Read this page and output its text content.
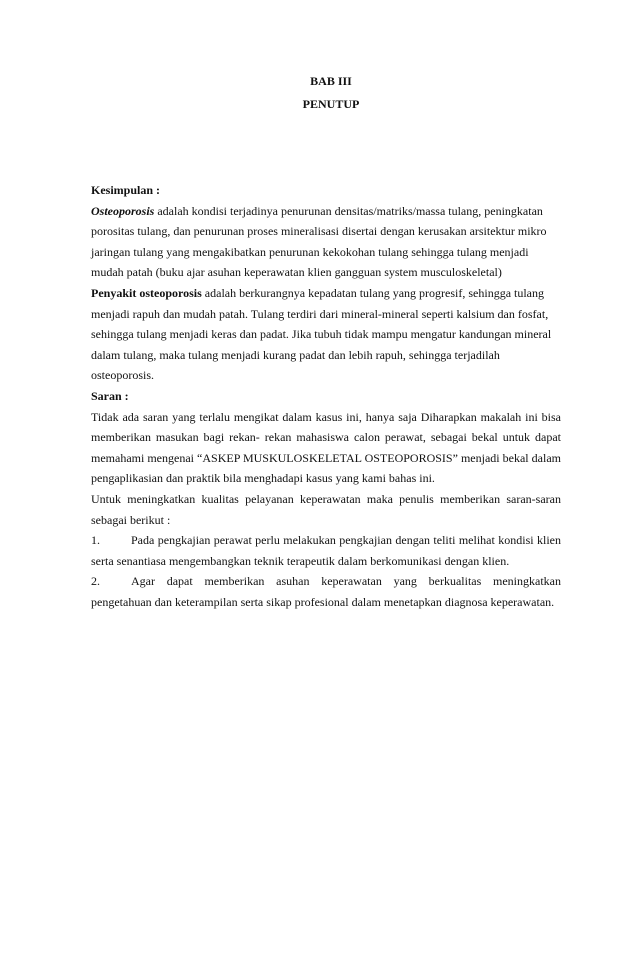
BAB III
PENUTUP

Kesimpulan :

Osteoporosis adalah kondisi terjadinya penurunan densitas/matriks/massa tulang, peningkatan porositas tulang, dan penurunan proses mineralisasi disertai dengan kerusakan arsitektur mikro jaringan tulang yang mengakibatkan penurunan kekokohan tulang sehingga tulang menjadi mudah patah (buku ajar asuhan keperawatan klien gangguan system musculoskeletal)

Penyakit osteoporosis adalah berkurangnya kepadatan tulang yang progresif, sehingga tulang menjadi rapuh dan mudah patah. Tulang terdiri dari mineral-mineral seperti kalsium dan fosfat, sehingga tulang menjadi keras dan padat. Jika tubuh tidak mampu mengatur kandungan mineral dalam tulang, maka tulang menjadi kurang padat dan lebih rapuh, sehingga terjadilah osteoporosis.

Saran :

Tidak ada saran yang terlalu mengikat dalam kasus ini, hanya saja Diharapkan makalah ini bisa memberikan masukan bagi rekan- rekan mahasiswa calon perawat, sebagai bekal untuk dapat memahami mengenai “ASKEP MUSKULOSKELETAL OSTEOPOROSIS” menjadi bekal dalam pengaplikasian dan praktik bila menghadapi kasus yang kami bahas ini.

Untuk meningkatkan kualitas pelayanan keperawatan maka penulis memberikan saran-saran sebagai berikut :

1.	Pada pengkajian perawat perlu melakukan pengkajian dengan teliti melihat kondisi klien serta senantiasa mengembangkan teknik terapeutik dalam berkomunikasi dengan klien.

2.	Agar dapat memberikan asuhan keperawatan yang berkualitas meningkatkan pengetahuan dan keterampilan serta sikap profesional dalam menetapkan diagnosa keperawatan.
